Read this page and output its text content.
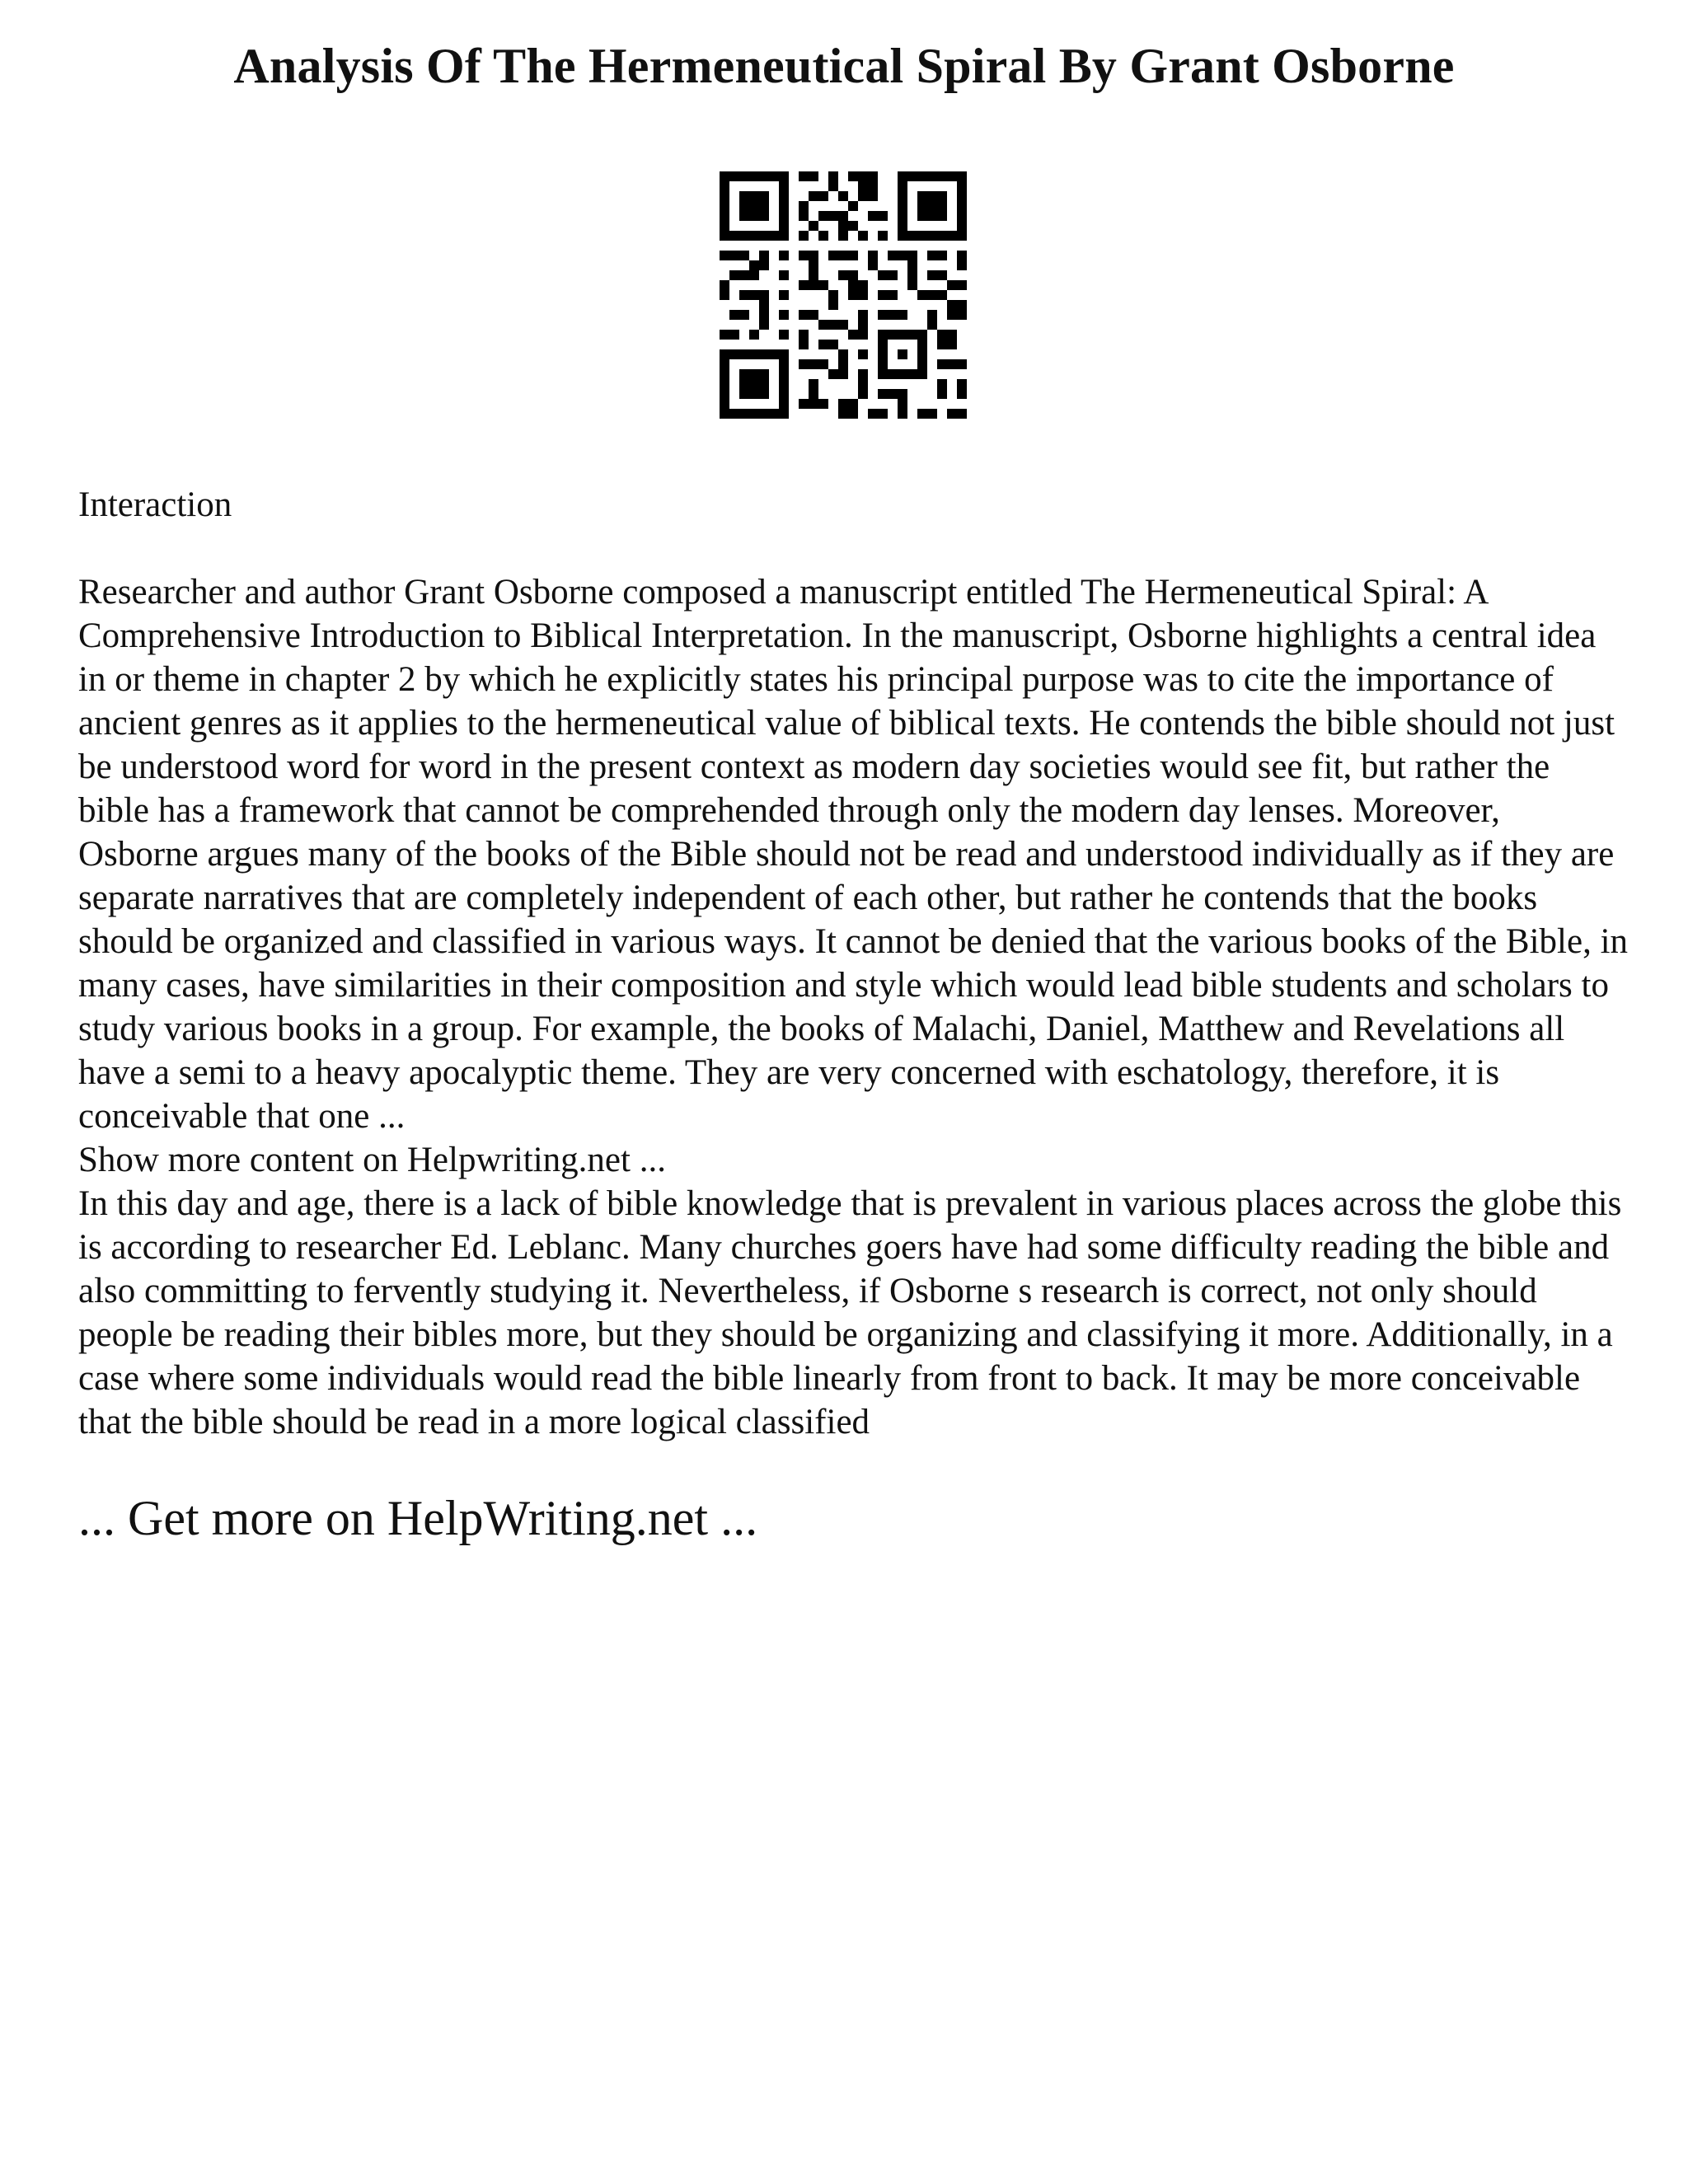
Analysis Of The Hermeneutical Spiral By Grant Osborne

Interaction

Researcher and author Grant Osborne composed a manuscript entitled The Hermeneutical Spiral: A Comprehensive Introduction to Biblical Interpretation. In the manuscript, Osborne highlights a central idea in or theme in chapter 2 by which he explicitly states his principal purpose was to cite the importance of ancient genres as it applies to the hermeneutical value of biblical texts. He contends the bible should not just be understood word for word in the present context as modern day societies would see fit, but rather the bible has a framework that cannot be comprehended through only the modern day lenses. Moreover, Osborne argues many of the books of the Bible should not be read and understood individually as if they are separate narratives that are completely independent of each other, but rather he contends that the books should be organized and classified in various ways. It cannot be denied that the various books of the Bible, in many cases, have similarities in their composition and style which would lead bible students and scholars to study various books in a group. For example, the books of Malachi, Daniel, Matthew and Revelations all have a semi to a heavy apocalyptic theme. They are very concerned with eschatology, therefore, it is conceivable that one ...

Show more content on Helpwriting.net ...

In this day and age, there is a lack of bible knowledge that is prevalent in various places across the globe this is according to researcher Ed. Leblanc. Many churches goers have had some difficulty reading the bible and also committing to fervently studying it. Nevertheless, if Osborne s research is correct, not only should people be reading their bibles more, but they should be organizing and classifying it more. Additionally, in a case where some individuals would read the bible linearly from front to back. It may be more conceivable that the bible should be read in a more logical classified

... Get more on HelpWriting.net ...
